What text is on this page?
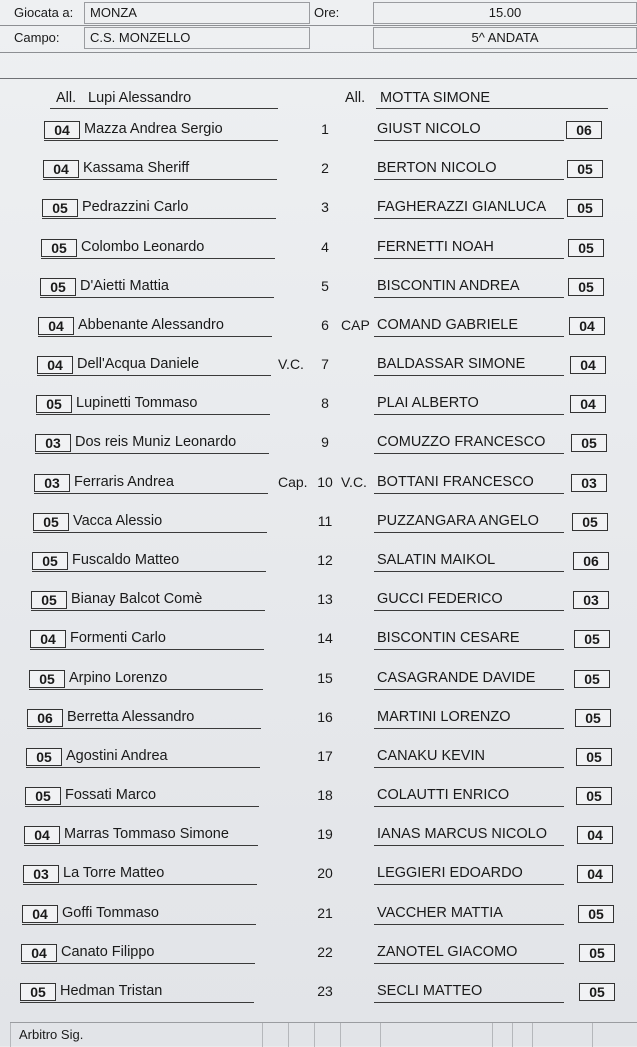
Giocata a:	MONZA	Ore:	15.00
Campo:	C.S. MONZELLO	5^ ANDATA
All. Lupi Alessandro	All. MOTTA SIMONE
04 Mazza Andrea Sergio	1	GIUST NICOLO	06
04 Kassama Sheriff	2	BERTON NICOLO	05
05 Pedrazzini Carlo	3	FAGHERAZZI GIANLUCA	05
05 Colombo Leonardo	4	FERNETTI NOAH	05
05 D'Aietti Mattia	5	BISCONTIN ANDREA	05
04 Abbenante Alessandro	6 CAP COMAND GABRIELE	04
04 Dell'Acqua Daniele	V.C.	7	BALDASSAR SIMONE	04
05 Lupinetti Tommaso	8	PLAI ALBERTO	04
03 Dos reis Muniz Leonardo	9	COMUZZO FRANCESCO	05
03 Ferraris Andrea	Cap. 10 V.C. BOTTANI FRANCESCO	03
05 Vacca Alessio	11	PUZZANGARA ANGELO	05
05 Fuscaldo Matteo	12	SALATIN MAIKOL	06
05 Bianay Balcot Comè	13	GUCCI FEDERICO	03
04 Formenti Carlo	14	BISCONTIN CESARE	05
05 Arpino Lorenzo	15	CASAGRANDE DAVIDE	05
06 Berretta Alessandro	16	MARTINI LORENZO	05
05 Agostini Andrea	17	CANAKU KEVIN	05
05 Fossati Marco	18	COLAUTTI ENRICO	05
04 Marras Tommaso Simone	19	IANAS MARCUS NICOLO	04
03 La Torre Matteo	20	LEGGIERI EDOARDO	04
04 Goffi Tommaso	21	VACCHER MATTIA	05
04 Canato Filippo	22	ZANOTEL GIACOMO	05
05 Hedman Tristan	23	SECLI MATTEO	05
Arbitro Sig.
